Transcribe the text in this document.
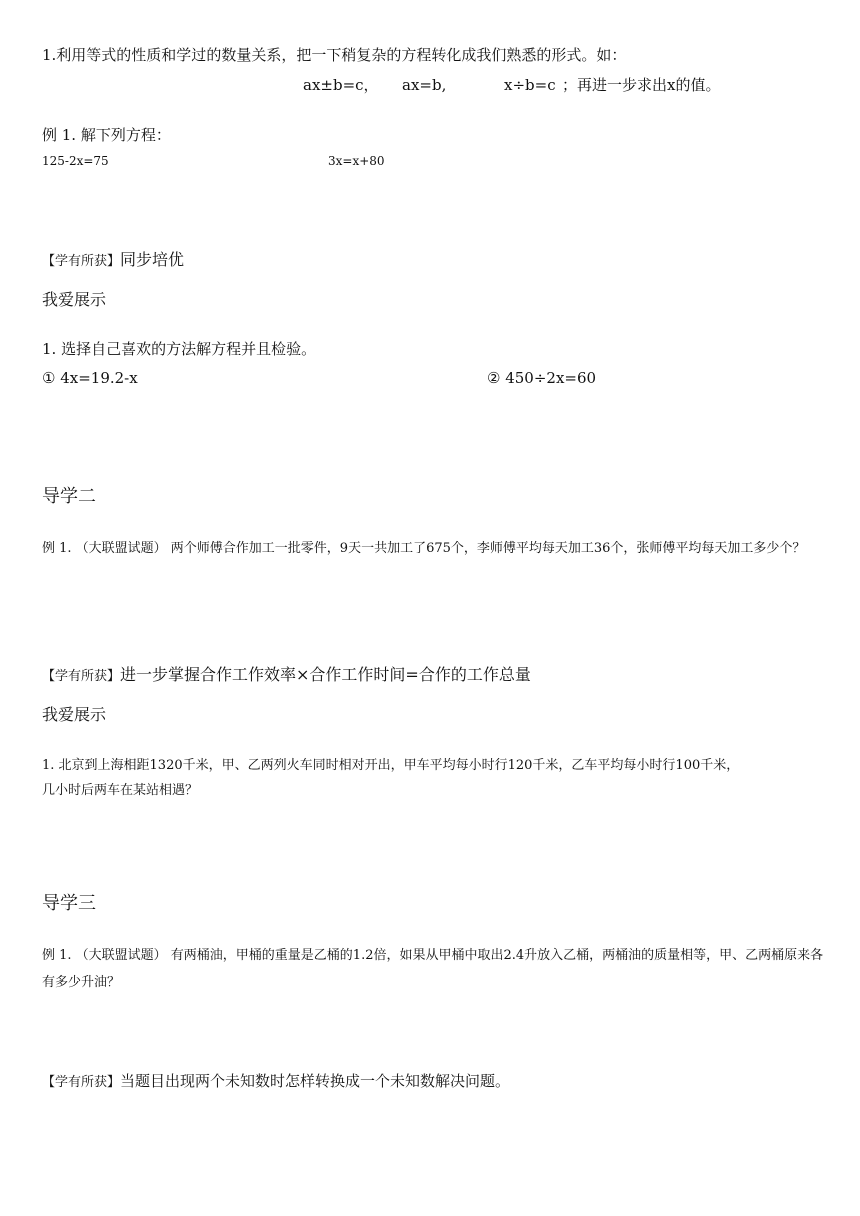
1.利用等式的性质和学过的数量关系，把一下稍复杂的方程转化成我们熟悉的形式。如：
ax±b=c， ax=b,	x÷b=c ；再进一步求出x的值。
例 1. 解下列方程：
125-2x=75	3x=x+80
【学有所获】同步培优
我爱展示
1. 选择自己喜欢的方法解方程并且检验。
① 4x=19.2-x	② 450÷2x=60
导学二
例 1. （大联盟试题） 两个师傅合作加工一批零件，9天一共加工了675个，李师傅平均每天加工36个，张师傅平均每天加工多少个？
【学有所获】进一步掌握合作工作效率×合作工作时间=合作的工作总量
我爱展示
1. 北京到上海相距1320千米，甲、乙两列火车同时相对开出，甲车平均每小时行120千米，乙车平均每小时行100千米，
几小时后两车在某站相遇？
导学三
例 1. （大联盟试题） 有两桶油，甲桶的重量是乙桶的1.2倍，如果从甲桶中取出2.4升放入乙桶，两桶油的质量相等，甲、乙两桶原来各有多少升油？
【学有所获】当题目出现两个未知数时怎样转换成一个未知数解决问题。
